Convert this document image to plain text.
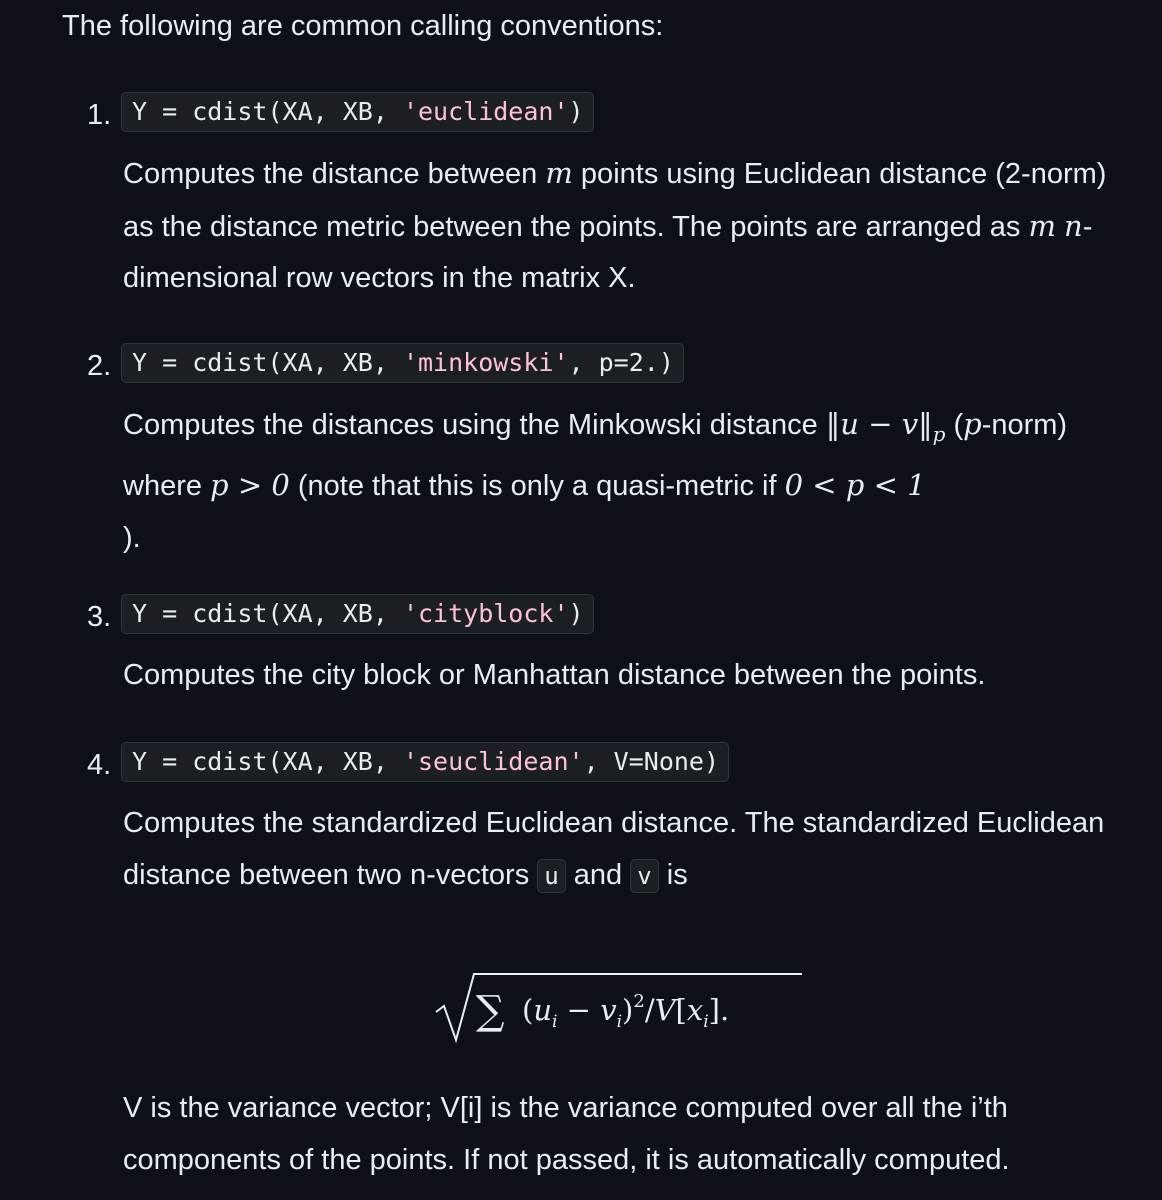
The following are common calling conventions:

1. Y = cdist(XA, XB, 'euclidean')

Computes the distance between m points using Euclidean distance (2-norm) as the distance metric between the points. The points are arranged as m n-dimensional row vectors in the matrix X.

2. Y = cdist(XA, XB, 'minkowski', p=2.)

Computes the distances using the Minkowski distance ‖u − $v‖_p$ (p-norm) where p > 0 (note that this is only a quasi-metric if 0 < p < 1
).

3. Y = cdist(XA, XB, 'cityblock')

Computes the city block or Manhattan distance between the points.

4. Y = cdist(XA, XB, 'seuclidean', V=None)

Computes the standardized Euclidean distance. The standardized Euclidean distance between two n-vectors u and v is

∑ $(u_i - v_i)^2/V[x_i]$.

V is the variance vector; V[i] is the variance computed over all the i’th components of the points. If not passed, it is automatically computed.
